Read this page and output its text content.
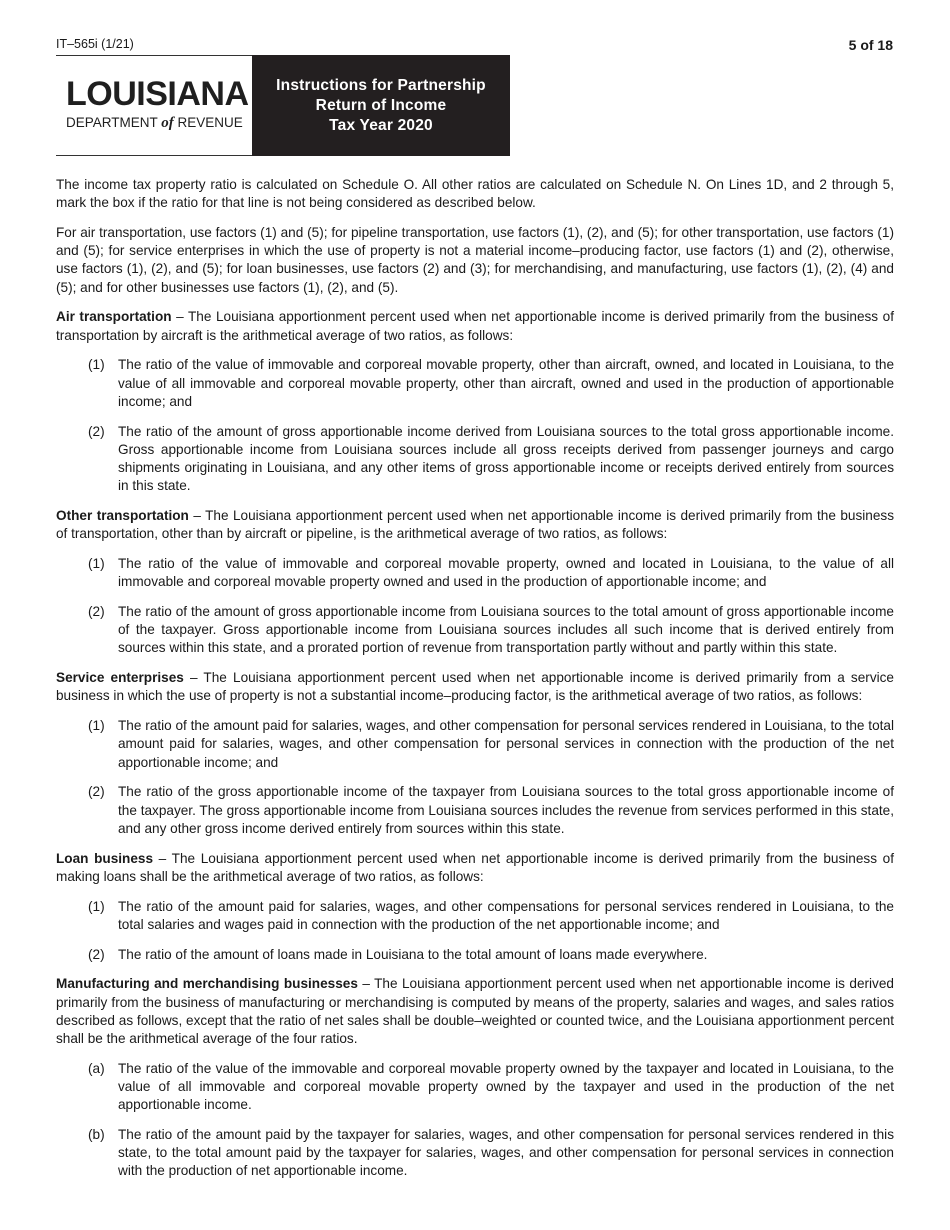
IT–565i (1/21)	5 of 18
LOUISIANA
DEPARTMENT of REVENUE
Instructions for Partnership
Return of Income
Tax Year 2020

The income tax property ratio is calculated on Schedule O. All other ratios are calculated on Schedule N. On Lines 1D, and 2 through 5, mark the box if the ratio for that line is not being considered as described below.

For air transportation, use factors (1) and (5); for pipeline transportation, use factors (1), (2), and (5); for other transportation, use factors (1) and (5); for service enterprises in which the use of property is not a material income–producing factor, use factors (1) and (2), otherwise, use factors (1), (2), and (5); for loan businesses, use factors (2) and (3); for merchandising, and manufacturing, use factors (1), (2), (4) and (5); and for other businesses use factors (1), (2), and (5).

Air transportation – The Louisiana apportionment percent used when net apportionable income is derived primarily from the business of transportation by aircraft is the arithmetical average of two ratios, as follows:

(1) The ratio of the value of immovable and corporeal movable property, other than aircraft, owned, and located in Louisiana, to the value of all immovable and corporeal movable property, other than aircraft, owned and used in the production of apportionable income; and
(2) The ratio of the amount of gross apportionable income derived from Louisiana sources to the total gross apportionable income. Gross apportionable income from Louisiana sources include all gross receipts derived from passenger journeys and cargo shipments originating in Louisiana, and any other items of gross apportionable income or receipts derived entirely from sources in this state.

Other transportation – The Louisiana apportionment percent used when net apportionable income is derived primarily from the business of transportation, other than by aircraft or pipeline, is the arithmetical average of two ratios, as follows:

(1) The ratio of the value of immovable and corporeal movable property, owned and located in Louisiana, to the value of all immovable and corporeal movable property owned and used in the production of apportionable income; and
(2) The ratio of the amount of gross apportionable income from Louisiana sources to the total amount of gross apportionable income of the taxpayer. Gross apportionable income from Louisiana sources includes all such income that is derived entirely from sources within this state, and a prorated portion of revenue from transportation partly without and partly within this state.

Service enterprises – The Louisiana apportionment percent used when net apportionable income is derived primarily from a service business in which the use of property is not a substantial income–producing factor, is the arithmetical average of two ratios, as follows:

(1) The ratio of the amount paid for salaries, wages, and other compensation for personal services rendered in Louisiana, to the total amount paid for salaries, wages, and other compensation for personal services in connection with the production of the net apportionable income; and
(2) The ratio of the gross apportionable income of the taxpayer from Louisiana sources to the total gross apportionable income of the taxpayer. The gross apportionable income from Louisiana sources includes the revenue from services performed in this state, and any other gross income derived entirely from sources within this state.

Loan business – The Louisiana apportionment percent used when net apportionable income is derived primarily from the business of making loans shall be the arithmetical average of two ratios, as follows:

(1) The ratio of the amount paid for salaries, wages, and other compensations for personal services rendered in Louisiana, to the total salaries and wages paid in connection with the production of the net apportionable income; and
(2) The ratio of the amount of loans made in Louisiana to the total amount of loans made everywhere.

Manufacturing and merchandising businesses – The Louisiana apportionment percent used when net apportionable income is derived primarily from the business of manufacturing or merchandising is computed by means of the property, salaries and wages, and sales ratios described as follows, except that the ratio of net sales shall be double–weighted or counted twice, and the Louisiana apportionment percent shall be the arithmetical average of the four ratios.

(a) The ratio of the value of the immovable and corporeal movable property owned by the taxpayer and located in Louisiana, to the value of all immovable and corporeal movable property owned by the taxpayer and used in the production of the net apportionable income.
(b) The ratio of the amount paid by the taxpayer for salaries, wages, and other compensation for personal services rendered in this state, to the total amount paid by the taxpayer for salaries, wages, and other compensation for personal services in connection with the production of net apportionable income.
